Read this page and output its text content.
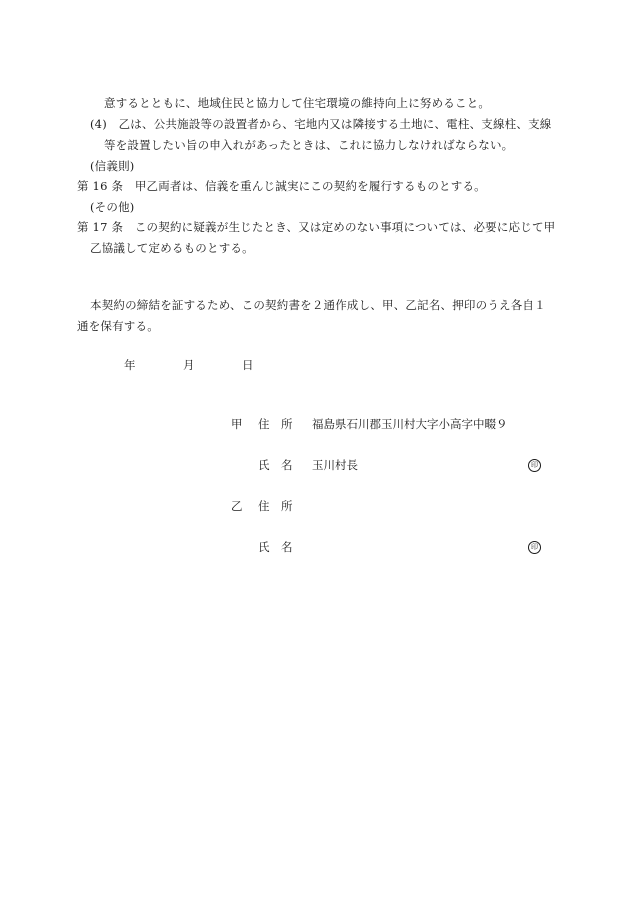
意するとともに、地域住民と協力して住宅環境の維持向上に努めること。
(4)　乙は、公共施設等の設置者から、宅地内又は隣接する土地に、電柱、支線柱、支線
等を設置したい旨の申入れがあったときは、これに協力しなければならない。
(信義則)
第 16 条　甲乙両者は、信義を重んじ誠実にこの契約を履行するものとする。
(その他)
第 17 条　この契約に疑義が生じたとき、又は定めのない事項については、必要に応じて甲
乙協議して定めるものとする。
本契約の締結を証するため、この契約書を２通作成し、甲、乙記名、押印のうえ各自１
通を保有する。
年	月	日
甲 住　所 福島県石川郡玉川村大字小高字中畷９
氏　名 玉川村長	印
乙 住　所
氏　名	印
